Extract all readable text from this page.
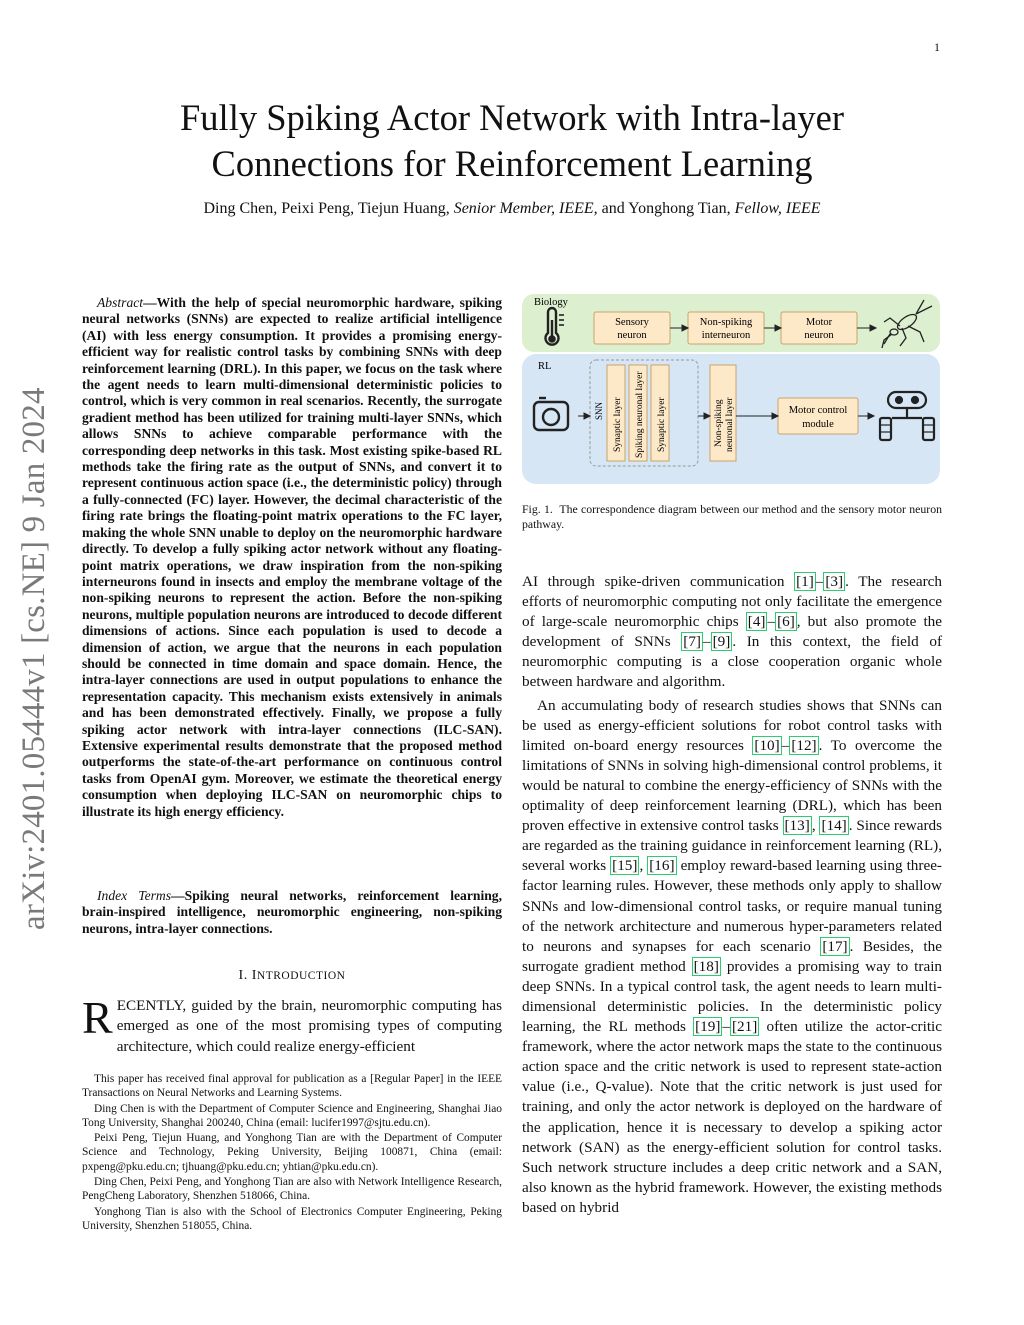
1
arXiv:2401.05444v1 [cs.NE] 9 Jan 2024
Fully Spiking Actor Network with Intra-layer
Connections for Reinforcement Learning
Ding Chen, Peixi Peng, Tiejun Huang, Senior Member, IEEE, and Yonghong Tian, Fellow, IEEE
Abstract—With the help of special neuromorphic hardware, spiking neural networks (SNNs) are expected to realize artificial intelligence (AI) with less energy consumption. It provides a promising energy-efficient way for realistic control tasks by combining SNNs with deep reinforcement learning (DRL). In this paper, we focus on the task where the agent needs to learn multi-dimensional deterministic policies to control, which is very common in real scenarios. Recently, the surrogate gradient method has been utilized for training multi-layer SNNs, which allows SNNs to achieve comparable performance with the corresponding deep networks in this task. Most existing spike-based RL methods take the firing rate as the output of SNNs, and convert it to represent continuous action space (i.e., the deterministic policy) through a fully-connected (FC) layer. However, the decimal characteristic of the firing rate brings the floating-point matrix operations to the FC layer, making the whole SNN unable to deploy on the neuromorphic hardware directly. To develop a fully spiking actor network without any floating-point matrix operations, we draw inspiration from the non-spiking interneurons found in insects and employ the membrane voltage of the non-spiking neurons to represent the action. Before the non-spiking neurons, multiple population neurons are introduced to decode different dimensions of actions. Since each population is used to decode a dimension of action, we argue that the neurons in each population should be connected in time domain and space domain. Hence, the intra-layer connections are used in output populations to enhance the representation capacity. This mechanism exists extensively in animals and has been demonstrated effectively. Finally, we propose a fully spiking actor network with intra-layer connections (ILC-SAN). Extensive experimental results demonstrate that the proposed method outperforms the state-of-the-art performance on continuous control tasks from OpenAI gym. Moreover, we estimate the theoretical energy consumption when deploying ILC-SAN on neuromorphic chips to illustrate its high energy efficiency.
Index Terms—Spiking neural networks, reinforcement learning, brain-inspired intelligence, neuromorphic engineering, non-spiking neurons, intra-layer connections.
I. INTRODUCTION
RECENTLY, guided by the brain, neuromorphic computing has emerged as one of the most promising types of computing architecture, which could realize energy-efficient

This paper has received final approval for publication as a [Regular Paper] in the IEEE Transactions on Neural Networks and Learning Systems.

Ding Chen is with the Department of Computer Science and Engineering, Shanghai Jiao Tong University, Shanghai 200240, China (email: lucifer1997@sjtu.edu.cn).

Peixi Peng, Tiejun Huang, and Yonghong Tian are with the Department of Computer Science and Technology, Peking University, Beijing 100871, China (email: pxpeng@pku.edu.cn; tjhuang@pku.edu.cn; yhtian@pku.edu.cn).

Ding Chen, Peixi Peng, and Yonghong Tian are also with Network Intelligence Research, PengCheng Laboratory, Shenzhen 518066, China.

Yonghong Tian is also with the School of Electronics Computer Engineering, Peking University, Shenzhen 518055, China.

Biology
RL
Sensory
neuron
Non-spiking
interneuron
Motor
neuron
SNN Synaptic layer Spiking neuronal layer Synaptic layer	Non-spiking neuronal layer	Motor control
module
Fig. 1. The correspondence diagram between our method and the sensory motor neuron pathway.

AI through spike-driven communication [1] – [3] . The research efforts of neuromorphic computing not only facilitate the emergence of large-scale neuromorphic chips [4] – [6] , but also promote the development of SNNs [7] – [9] . In this context, the field of neuromorphic computing is a close cooperation organic whole between hardware and algorithm.

An accumulating body of research studies shows that SNNs can be used as energy-efficient solutions for robot control tasks with limited on-board energy resources [10] – [12] . To overcome the limitations of SNNs in solving high-dimensional control problems, it would be natural to combine the energy-efficiency of SNNs with the optimality of deep reinforcement learning (DRL), which has been proven effective in extensive control tasks [13] , [14] . Since rewards are regarded as the training guidance in reinforcement learning (RL), several works [15] , [16] employ reward-based learning using three-factor learning rules. However, these methods only apply to shallow SNNs and low-dimensional control tasks, or require manual tuning of the network architecture and numerous hyper-parameters related to neurons and synapses for each scenario [17] . Besides, the surrogate gradient method [18] provides a promising way to train deep SNNs. In a typical control task, the agent needs to learn multi-dimensional deterministic policies. In the deterministic policy learning, the RL methods [19] – [21] often utilize the actor-critic framework, where the actor network maps the state to the continuous action space and the critic network is used to represent state-action value (i.e., Q-value). Note that the critic network is just used for training, and only the actor network is deployed on the hardware of the application, hence it is necessary to develop a spiking actor network (SAN) as the energy-efficient solution for control tasks. Such network structure includes a deep critic network and a SAN, also known as the hybrid framework. However, the existing methods based on hybrid
